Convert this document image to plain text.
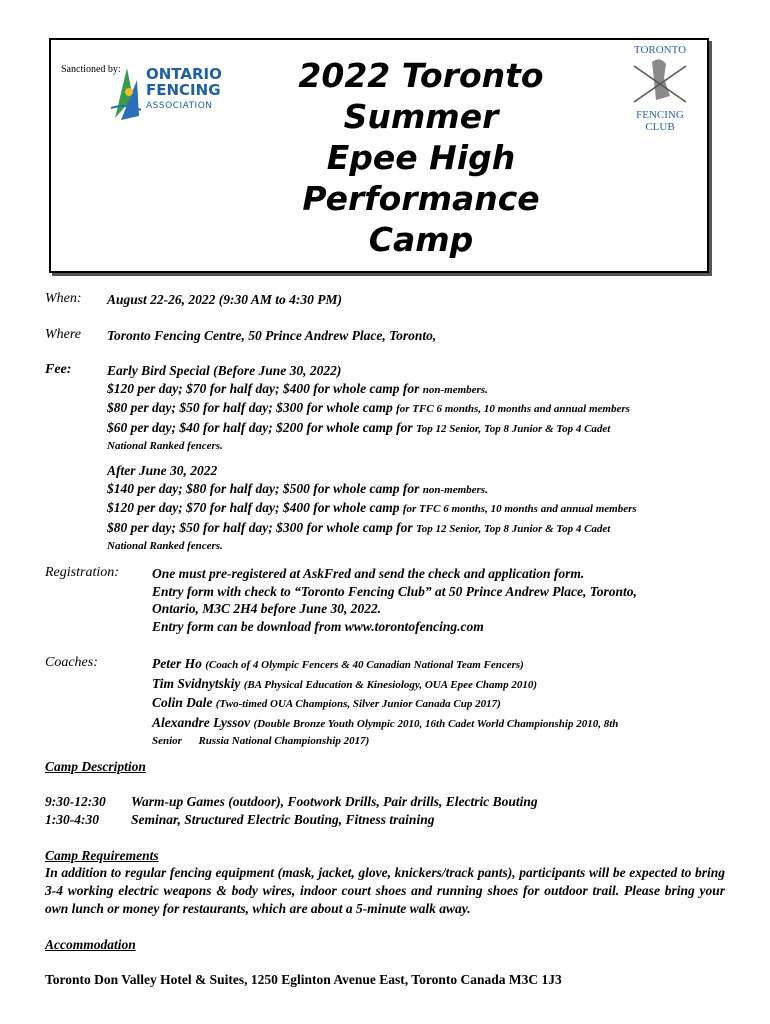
Sanctioned by: ONTARIO
FENCING
ASSOCIATION
2022 Toronto
Summer
Epee High
Performance
Camp
TORONTO
FENCING
CLUB
When: August 22-26, 2022 (9:30 AM to 4:30 PM)
Where Toronto Fencing Centre, 50 Prince Andrew Place, Toronto,
Fee:	Early Bird Special (Before June 30, 2022)
$120 per day; $70 for half day; $400 for whole camp for non-members.
$80 per day; $50 for half day; $300 for whole camp for TFC 6 months, 10 months and annual members
$60 per day; $40 for half day; $200 for whole camp for Top 12 Senior, Top 8 Junior & Top 4 Cadet
National Ranked fencers.
After June 30, 2022
$140 per day; $80 for half day; $500 for whole camp for non-members.
$120 per day; $70 for half day; $400 for whole camp for TFC 6 months, 10 months and annual members
$80 per day; $50 for half day; $300 for whole camp for Top 12 Senior, Top 8 Junior & Top 4 Cadet
National Ranked fencers.
Registration: One must pre-registered at AskFred and send the check and application form.
Entry form with check to “Toronto Fencing Club” at 50 Prince Andrew Place, Toronto,
Ontario, M3C 2H4 before June 30, 2022.
Entry form can be download from www.torontofencing.com
Coaches:	Peter Ho (Coach of 4 Olympic Fencers & 40 Canadian National Team Fencers)
Tim Svidnytskiy (BA Physical Education & Kinesiology, OUA Epee Champ 2010)
Colin Dale (Two-timed OUA Champions, Silver Junior Canada Cup 2017)
Alexandre Lyssov (Double Bronze Youth Olympic 2010, 16th Cadet World Championship 2010, 8th
Senior      Russia National Championship 2017)
Camp Description
9:30-12:30 Warm-up Games (outdoor), Footwork Drills, Pair drills, Electric Bouting
1:30-4:30 Seminar, Structured Electric Bouting, Fitness training
Camp Requirements
In addition to regular fencing equipment (mask, jacket, glove, knickers/track pants), participants will be expected to bring 3-4 working electric weapons & body wires, indoor court shoes and running shoes for outdoor trail. Please bring your own lunch or money for restaurants, which are about a 5-minute walk away.
Accommodation
Toronto Don Valley Hotel & Suites, 1250 Eglinton Avenue East, Toronto Canada M3C 1J3
